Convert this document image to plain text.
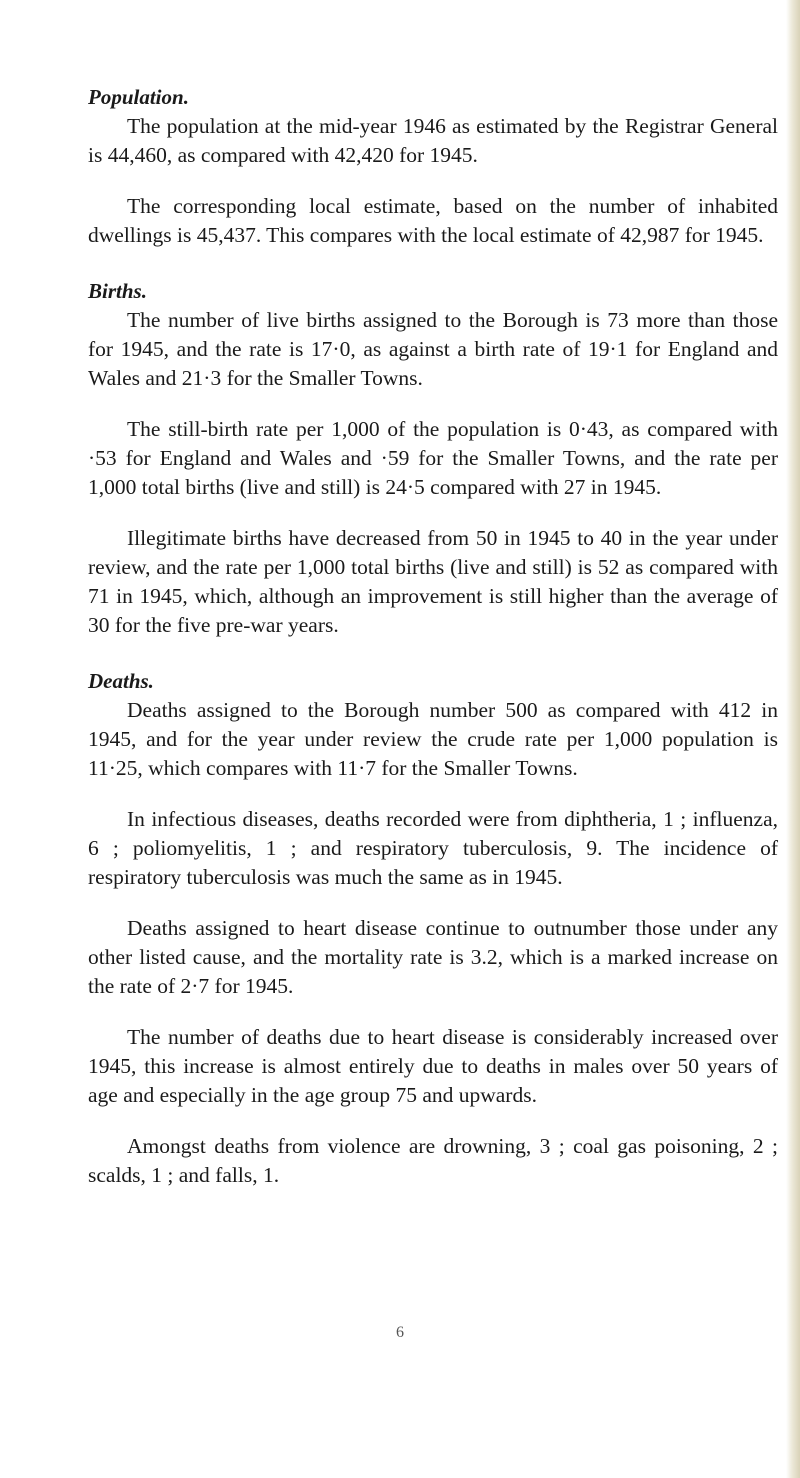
Population.

The population at the mid-year 1946 as estimated by the Registrar General is 44,460, as compared with 42,420 for 1945.

The corresponding local estimate, based on the number of inhabited dwellings is 45,437. This compares with the local estimate of 42,987 for 1945.

Births.

The number of live births assigned to the Borough is 73 more than those for 1945, and the rate is 17·0, as against a birth rate of 19·1 for England and Wales and 21·3 for the Smaller Towns.

The still-birth rate per 1,000 of the population is 0·43, as compared with ·53 for England and Wales and ·59 for the Smaller Towns, and the rate per 1,000 total births (live and still) is 24·5 compared with 27 in 1945.

Illegitimate births have decreased from 50 in 1945 to 40 in the year under review, and the rate per 1,000 total births (live and still) is 52 as compared with 71 in 1945, which, although an improvement is still higher than the average of 30 for the five pre-war years.

Deaths.

Deaths assigned to the Borough number 500 as compared with 412 in 1945, and for the year under review the crude rate per 1,000 population is 11·25, which compares with 11·7 for the Smaller Towns.

In infectious diseases, deaths recorded were from diphtheria, 1 ; influenza, 6 ; poliomyelitis, 1 ; and respiratory tuberculosis, 9. The incidence of respiratory tuberculosis was much the same as in 1945.

Deaths assigned to heart disease continue to outnumber those under any other listed cause, and the mortality rate is 3.2, which is a marked increase on the rate of 2·7 for 1945.

The number of deaths due to heart disease is considerably increased over 1945, this increase is almost entirely due to deaths in males over 50 years of age and especially in the age group 75 and upwards.

Amongst deaths from violence are drowning, 3 ; coal gas poisoning, 2 ; scalds, 1 ; and falls, 1.

6
